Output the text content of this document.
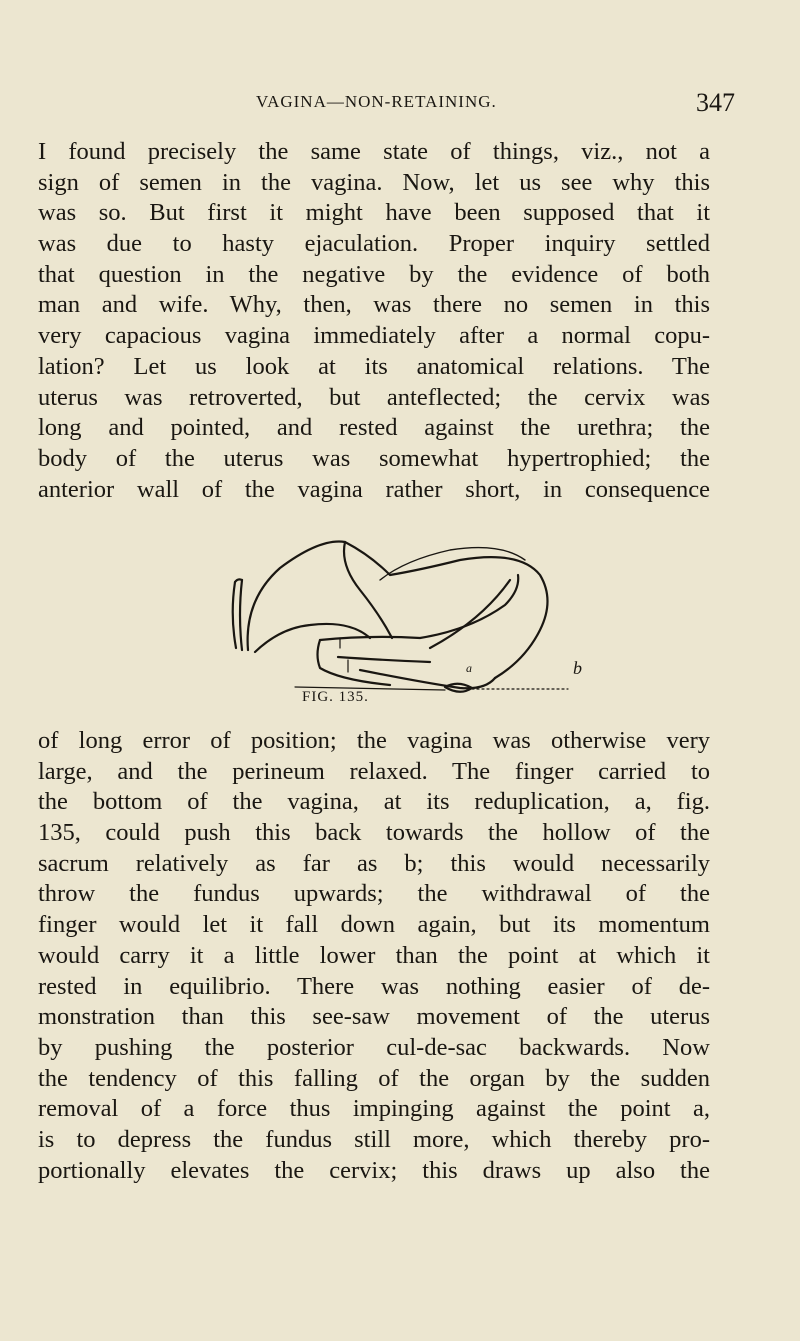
VAGINA—NON-RETAINING.	347
I found precisely the same state of things, viz., not a
sign of semen in the vagina. Now, let us see why this
was so. But first it might have been supposed that it
was due to hasty ejaculation. Proper inquiry settled
that question in the negative by the evidence of both
man and wife. Why, then, was there no semen in this
very capacious vagina immediately after a normal copu-
lation? Let us look at its anatomical relations. The
uterus was retroverted, but anteflected; the cervix was
long and pointed, and rested against the urethra; the
body of the uterus was somewhat hypertrophied; the
anterior wall of the vagina rather short, in consequence
a	b
FIG. 135.
of long error of position; the vagina was otherwise very
large, and the perineum relaxed. The finger carried to
the bottom of the vagina, at its reduplication, a, fig.
135, could push this back towards the hollow of the
sacrum relatively as far as b; this would necessarily
throw the fundus upwards; the withdrawal of the
finger would let it fall down again, but its momentum
would carry it a little lower than the point at which it
rested in equilibrio. There was nothing easier of de-
monstration than this see-saw movement of the uterus
by pushing the posterior cul-de-sac backwards. Now
the tendency of this falling of the organ by the sudden
removal of a force thus impinging against the point a,
is to depress the fundus still more, which thereby pro-
portionally elevates the cervix; this draws up also the
